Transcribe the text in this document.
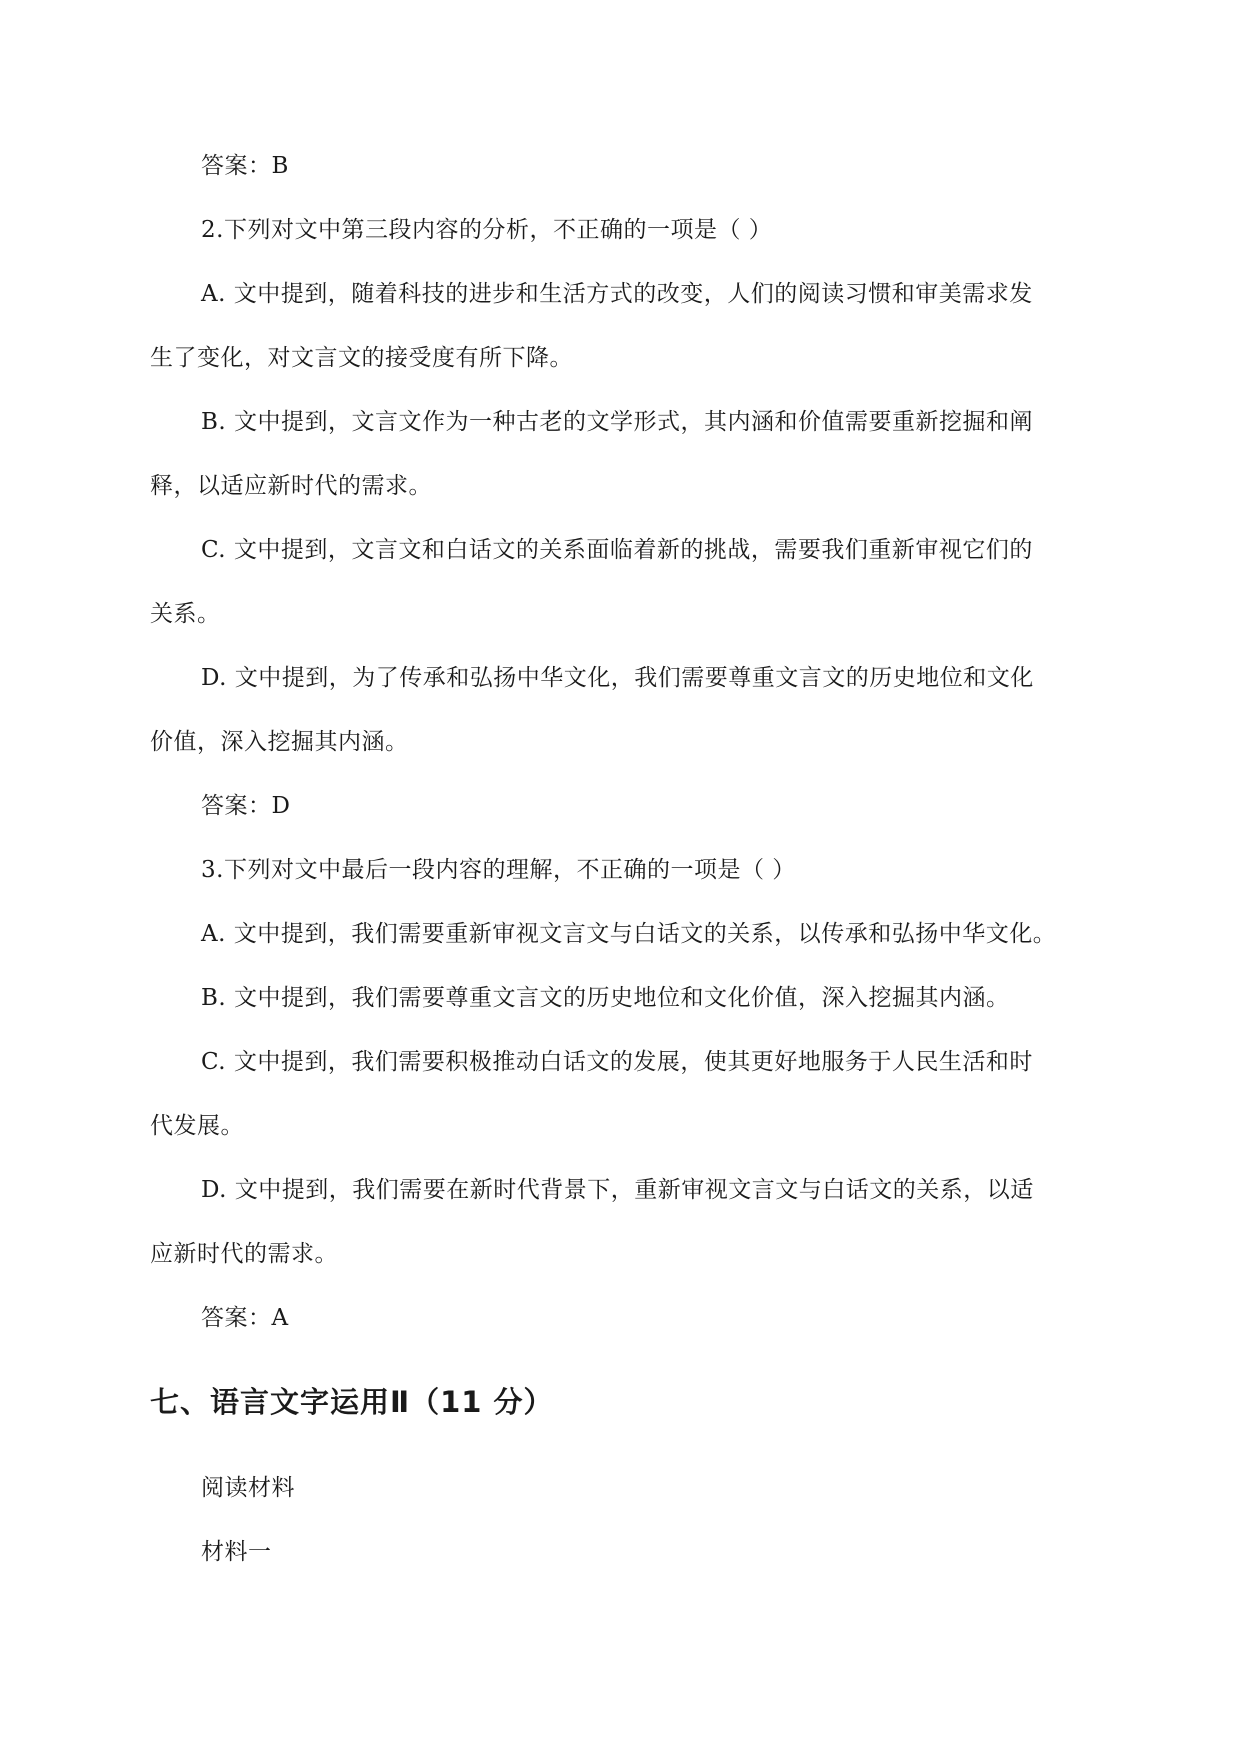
答案：B
2.下列对文中第三段内容的分析，不正确的一项是（ ）
A. 文中提到，随着科技的进步和生活方式的改变，人们的阅读习惯和审美需求发
生了变化，对文言文的接受度有所下降。
B. 文中提到，文言文作为一种古老的文学形式，其内涵和价值需要重新挖掘和阐
释，以适应新时代的需求。
C. 文中提到，文言文和白话文的关系面临着新的挑战，需要我们重新审视它们的
关系。
D. 文中提到，为了传承和弘扬中华文化，我们需要尊重文言文的历史地位和文化
价值，深入挖掘其内涵。
答案：D
3.下列对文中最后一段内容的理解，不正确的一项是（ ）
A. 文中提到，我们需要重新审视文言文与白话文的关系，以传承和弘扬中华文化。
B. 文中提到，我们需要尊重文言文的历史地位和文化价值，深入挖掘其内涵。
C. 文中提到，我们需要积极推动白话文的发展，使其更好地服务于人民生活和时
代发展。
D. 文中提到，我们需要在新时代背景下，重新审视文言文与白话文的关系，以适
应新时代的需求。
答案：A
七、语言文字运用Ⅱ（11 分）
阅读材料
材料一
